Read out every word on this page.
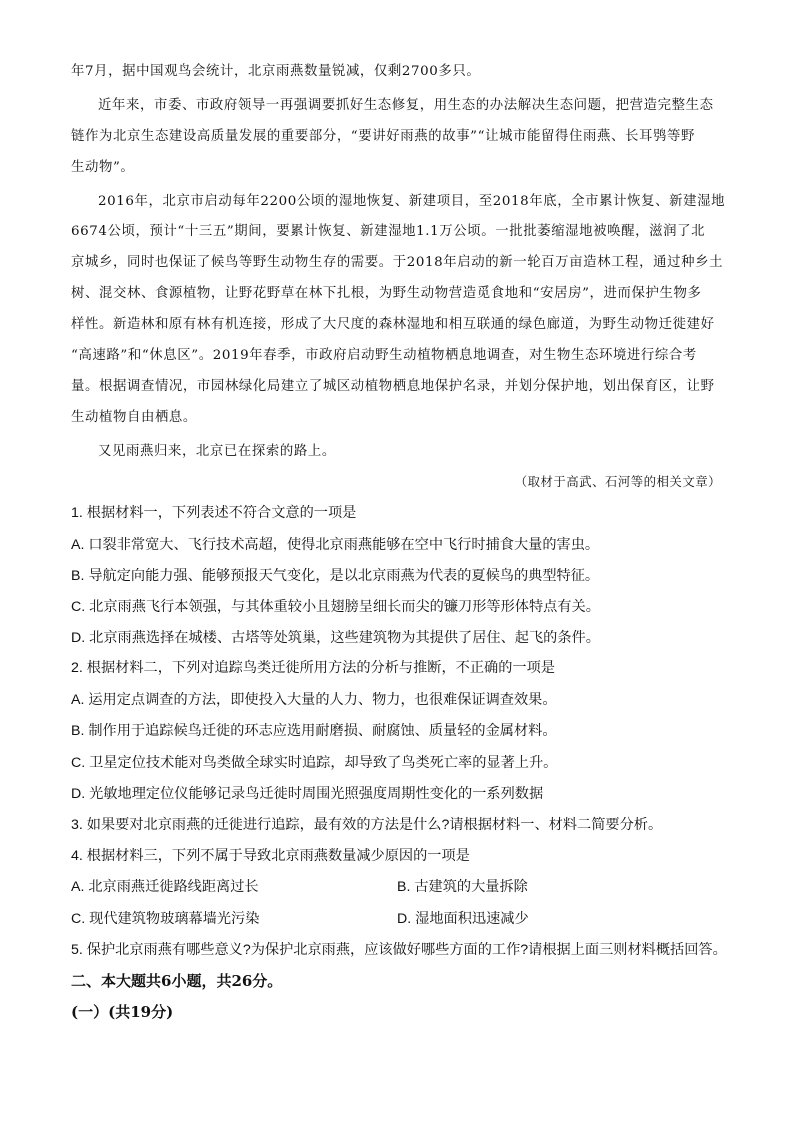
年7月，据中国观鸟会统计，北京雨燕数量锐减，仅剩2700多只。
近年来，市委、市政府领导一再强调要抓好生态修复，用生态的办法解决生态问题，把营造完整生态
链作为北京生态建设高质量发展的重要部分，“要讲好雨燕的故事”“让城市能留得住雨燕、长耳鸮等野
生动物”。
2016年，北京市启动每年2200公顷的湿地恢复、新建项目，至2018年底，全市累计恢复、新建湿地
6674公顷，预计“十三五”期间，要累计恢复、新建湿地1.1万公顷。一批批萎缩湿地被唤醒，滋润了北
京城乡，同时也保证了候鸟等野生动物生存的需要。于2018年启动的新一轮百万亩造林工程，通过种乡土
树、混交林、食源植物，让野花野草在林下扎根，为野生动物营造觅食地和“安居房”，进而保护生物多
样性。新造林和原有林有机连接，形成了大尺度的森林湿地和相互联通的绿色廊道，为野生动物迁徙建好
“高速路”和“休息区”。2019年春季，市政府启动野生动植物栖息地调查，对生物生态环境进行综合考
量。根据调查情况，市园林绿化局建立了城区动植物栖息地保护名录，并划分保护地，划出保育区，让野
生动植物自由栖息。
又见雨燕归来，北京已在探索的路上。
（取材于高武、石河等的相关文章）
1. 根据材料一，下列表述不符合文意的一项是
A. 口裂非常宽大、飞行技术高超，使得北京雨燕能够在空中飞行时捕食大量的害虫。
B. 导航定向能力强、能够预报天气变化，是以北京雨燕为代表的夏候鸟的典型特征。
C. 北京雨燕飞行本领强，与其体重较小且翅膀呈细长而尖的镰刀形等形体特点有关。
D. 北京雨燕选择在城楼、古塔等处筑巢，这些建筑物为其提供了居住、起飞的条件。
2. 根据材料二，下列对追踪鸟类迁徙所用方法的分析与推断，不正确的一项是
A. 运用定点调查的方法，即使投入大量的人力、物力，也很难保证调查效果。
B. 制作用于追踪候鸟迁徙的环志应选用耐磨损、耐腐蚀、质量轻的金属材料。
C. 卫星定位技术能对鸟类做全球实时追踪，却导致了鸟类死亡率的显著上升。
D. 光敏地理定位仪能够记录鸟迁徙时周围光照强度周期性变化的一系列数据
3. 如果要对北京雨燕的迁徙进行追踪，最有效的方法是什么?请根据材料一、材料二简要分析。
4. 根据材料三，下列不属于导致北京雨燕数量减少原因的一项是
A. 北京雨燕迁徙路线距离过长	B. 古建筑的大量拆除
C. 现代建筑物玻璃幕墙光污染	D. 湿地面积迅速减少
5. 保护北京雨燕有哪些意义?为保护北京雨燕，应该做好哪些方面的工作?请根据上面三则材料概括回答。
二、本大题共6小题，共26分。
(一）(共19分)
